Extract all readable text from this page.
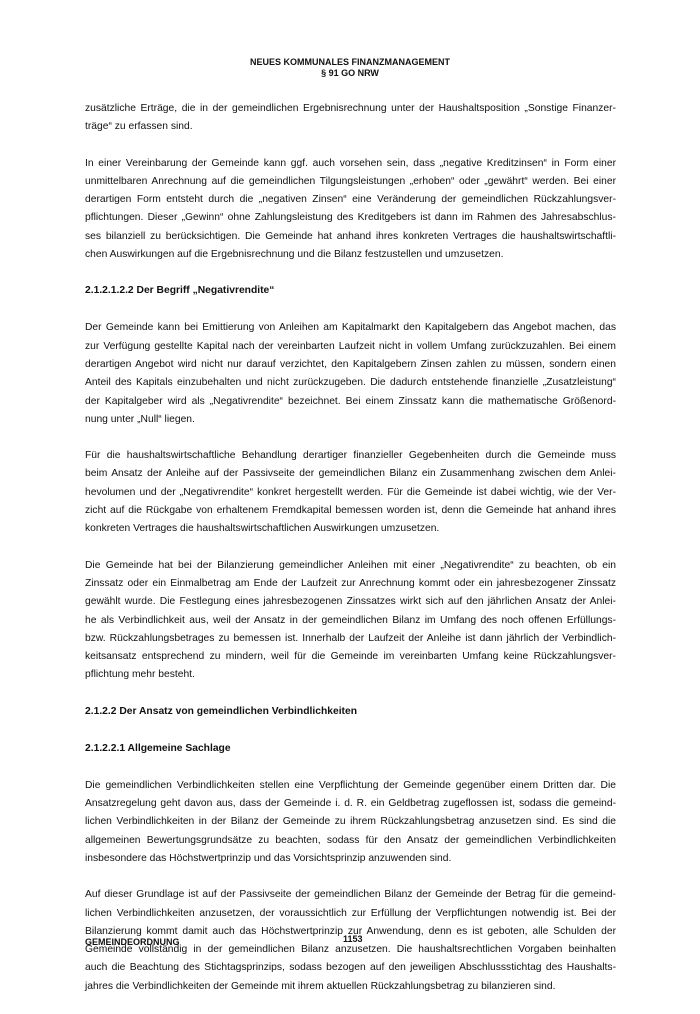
NEUES KOMMUNALES FINANZMANAGEMENT
§ 91 GO NRW
zusätzliche Erträge, die in der gemeindlichen Ergebnisrechnung unter der Haushaltsposition „Sonstige Finanzer-
träge“ zu erfassen sind.
In einer Vereinbarung der Gemeinde kann ggf. auch vorsehen sein, dass „negative Kreditzinsen“ in Form einer
unmittelbaren Anrechnung auf die gemeindlichen Tilgungsleistungen „erhoben“ oder „gewährt“ werden. Bei einer
derartigen Form entsteht durch die „negativen Zinsen“ eine Veränderung der gemeindlichen Rückzahlungsver-
pflichtungen. Dieser „Gewinn“ ohne Zahlungsleistung des Kreditgebers ist dann im Rahmen des Jahresabschlus-
ses bilanziell zu berücksichtigen. Die Gemeinde hat anhand ihres konkreten Vertrages die haushaltswirtschaftli-
chen Auswirkungen auf die Ergebnisrechnung und die Bilanz festzustellen und umzusetzen.
2.1.2.1.2.2 Der Begriff „Negativrendite“
Der Gemeinde kann bei Emittierung von Anleihen am Kapitalmarkt den Kapitalgebern das Angebot machen, das
zur Verfügung gestellte Kapital nach der vereinbarten Laufzeit nicht in vollem Umfang zurückzuzahlen. Bei einem
derartigen Angebot wird nicht nur darauf verzichtet, den Kapitalgebern Zinsen zahlen zu müssen, sondern einen
Anteil des Kapitals einzubehalten und nicht zurückzugeben. Die dadurch entstehende finanzielle „Zusatzleistung“
der Kapitalgeber wird als „Negativrendite“ bezeichnet. Bei einem Zinssatz kann die mathematische Größenord-
nung unter „Null“ liegen.
Für die haushaltswirtschaftliche Behandlung derartiger finanzieller Gegebenheiten durch die Gemeinde muss
beim Ansatz der Anleihe auf der Passivseite der gemeindlichen Bilanz ein Zusammenhang zwischen dem Anlei-
hevolumen und der „Negativrendite“ konkret hergestellt werden. Für die Gemeinde ist dabei wichtig, wie der Ver-
zicht auf die Rückgabe von erhaltenem Fremdkapital bemessen worden ist, denn die Gemeinde hat anhand ihres
konkreten Vertrages die haushaltswirtschaftlichen Auswirkungen umzusetzen.
Die Gemeinde hat bei der Bilanzierung gemeindlicher Anleihen mit einer „Negativrendite“ zu beachten, ob ein
Zinssatz oder ein Einmalbetrag am Ende der Laufzeit zur Anrechnung kommt oder ein jahresbezogener Zinssatz
gewählt wurde. Die Festlegung eines jahresbezogenen Zinssatzes wirkt sich auf den jährlichen Ansatz der Anlei-
he als Verbindlichkeit aus, weil der Ansatz in der gemeindlichen Bilanz im Umfang des noch offenen Erfüllungs-
bzw. Rückzahlungsbetrages zu bemessen ist. Innerhalb der Laufzeit der Anleihe ist dann jährlich der Verbindlich-
keitsansatz entsprechend zu mindern, weil für die Gemeinde im vereinbarten Umfang keine Rückzahlungsver-
pflichtung mehr besteht.
2.1.2.2 Der Ansatz von gemeindlichen Verbindlichkeiten
2.1.2.2.1 Allgemeine Sachlage
Die gemeindlichen Verbindlichkeiten stellen eine Verpflichtung der Gemeinde gegenüber einem Dritten dar. Die
Ansatzregelung geht davon aus, dass der Gemeinde i. d. R. ein Geldbetrag zugeflossen ist, sodass die gemeind-
lichen Verbindlichkeiten in der Bilanz der Gemeinde zu ihrem Rückzahlungsbetrag anzusetzen sind. Es sind die
allgemeinen Bewertungsgrundsätze zu beachten, sodass für den Ansatz der gemeindlichen Verbindlichkeiten
insbesondere das Höchstwertprinzip und das Vorsichtsprinzip anzuwenden sind.
Auf dieser Grundlage ist auf der Passivseite der gemeindlichen Bilanz der Gemeinde der Betrag für die gemeind-
lichen Verbindlichkeiten anzusetzen, der voraussichtlich zur Erfüllung der Verpflichtungen notwendig ist. Bei der
Bilanzierung kommt damit auch das Höchstwertprinzip zur Anwendung, denn es ist geboten, alle Schulden der
Gemeinde vollständig in der gemeindlichen Bilanz anzusetzen. Die haushaltsrechtlichen Vorgaben beinhalten
auch die Beachtung des Stichtagsprinzips, sodass bezogen auf den jeweiligen Abschlussstichtag des Haushalts-
jahres die Verbindlichkeiten der Gemeinde mit ihrem aktuellen Rückzahlungsbetrag zu bilanzieren sind.
GEMEINDEORDNUNG	1153
